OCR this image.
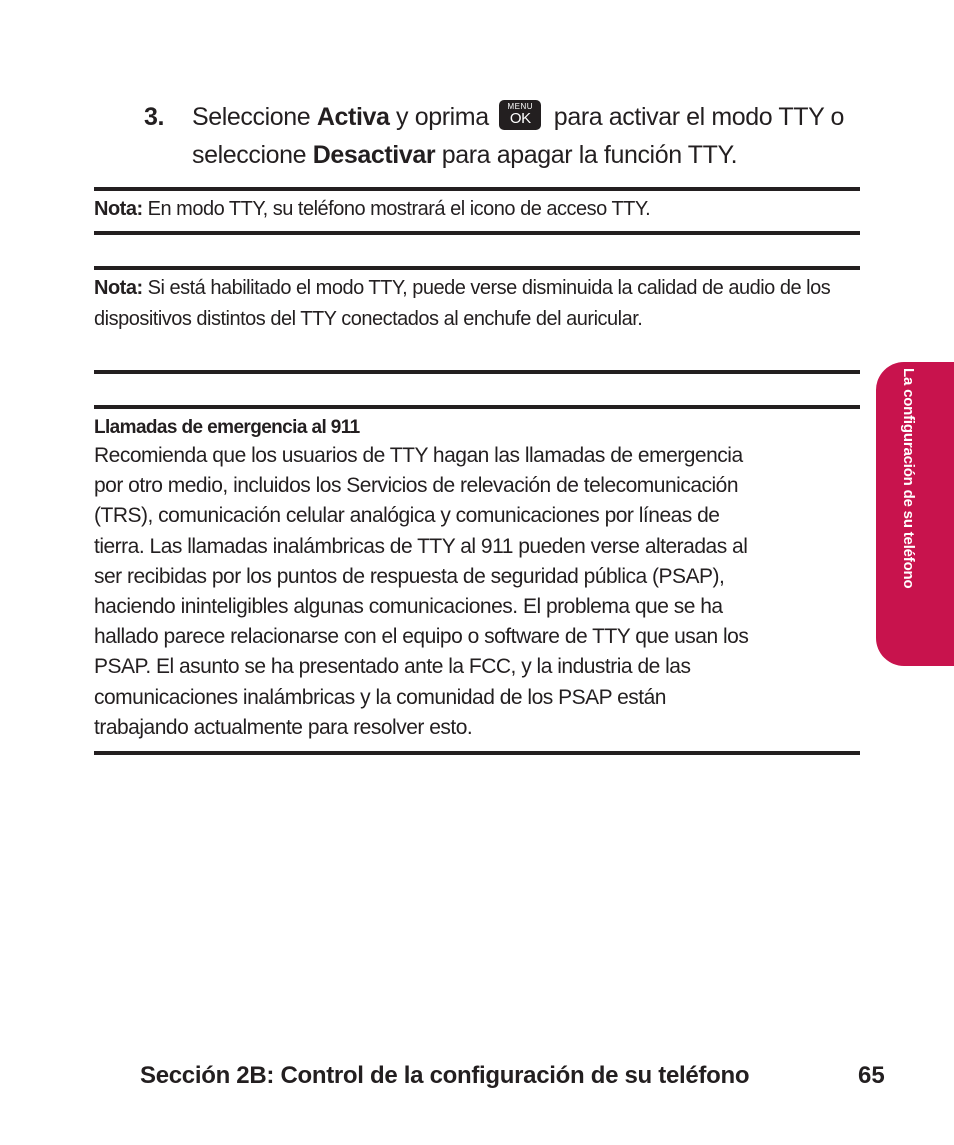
3. Seleccione Activa y oprima	MENU
OK para activar el modo TTY o seleccione Desactivar para apagar la función TTY.
Nota: En modo TTY, su teléfono mostrará el icono de acceso TTY.
Nota: Si está habilitado el modo TTY, puede verse disminuida la calidad de audio de los dispositivos distintos del TTY conectados al enchufe del auricular.
Llamadas de emergencia al 911
Recomienda que los usuarios de TTY hagan las llamadas de emergencia
por otro medio, incluidos los Servicios de relevación de telecomunicación
(TRS), comunicación celular analógica y comunicaciones por líneas de
tierra. Las llamadas inalámbricas de TTY al 911 pueden verse alteradas al
ser recibidas por los puntos de respuesta de seguridad pública (PSAP),
haciendo ininteligibles algunas comunicaciones. El problema que se ha
hallado parece relacionarse con el equipo o software de TTY que usan los
PSAP. El asunto se ha presentado ante la FCC, y la industria de las
comunicaciones inalámbricas y la comunidad de los PSAP están
trabajando actualmente para resolver esto.
La configuración de su teléfono
Sección 2B: Control de la configuración de su teléfono	65
